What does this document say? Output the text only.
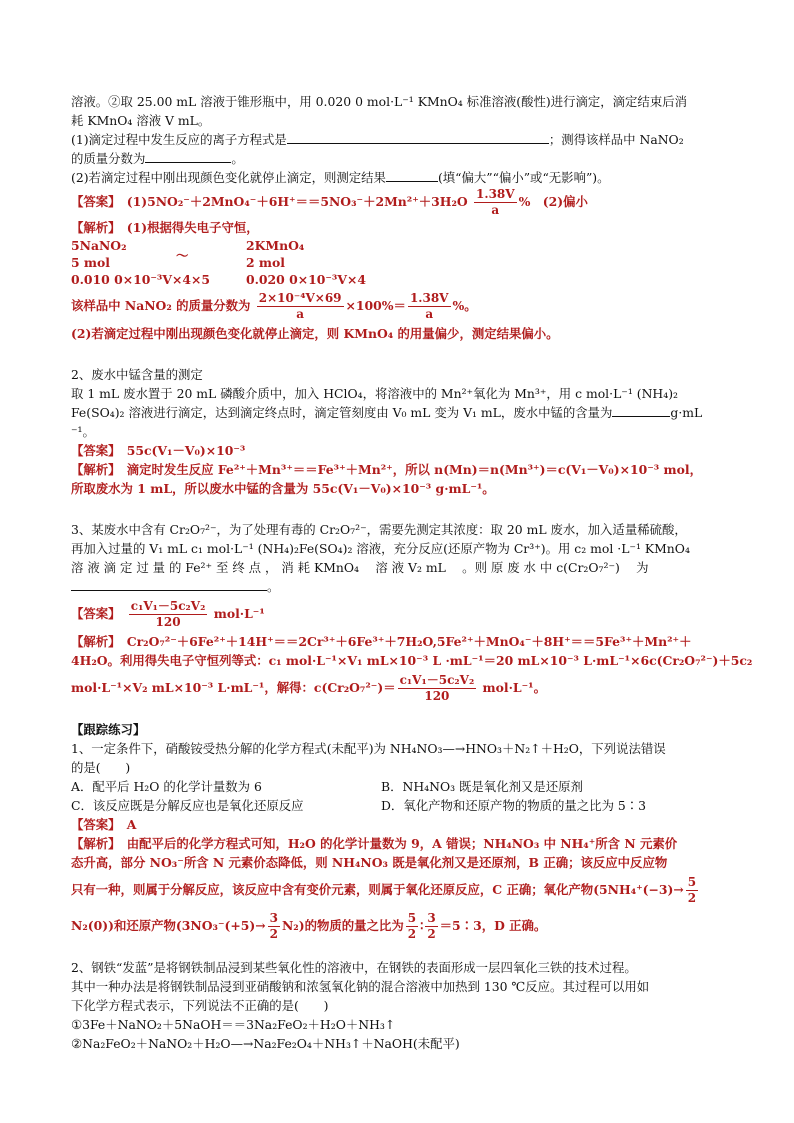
溶液。②取 25.00 mL 溶液于锥形瓶中，用 0.020 0 mol·L⁻¹ KMnO₄ 标准溶液(酸性)进行滴定，滴定结束后消
耗 KMnO₄ 溶液 V mL。
(1)滴定过程中发生反应的离子方程式是	；测得该样品中 NaNO₂
的质量分数为	。
(2)若滴定过程中刚出现颜色变化就停止滴定，则测定结果	(填“偏大”“偏小”或“无影响”)。
【答案】　 $(1)5NO_2^-+2MnO_4^-+6H^+==5NO_3^-+2Mn^{2+}+3H_2O \frac{1.38V}{a}$ %　(2)偏小
【解析】　 (1)根据得失电子守恒，
5NaNO₂	2KMnO₄
5 mol	2 mol
0.010 0×10⁻³V×4×5	0.020 0×10⁻³V×4
～
该样品中 NaNO₂ 的质量分数为 $\frac{\text{2×10⁻⁴V×69}}{a} \times 100\%= \frac{1.38V}{a}$ %。
(2)若滴定过程中刚出现颜色变化就停止滴定，则 KMnO₄ 的用量偏少，测定结果偏小。
2、废水中锰含量的测定
取 1 mL 废水置于 20 mL 磷酸介质中，加入 HClO₄，将溶液中的 Mn²⁺氧化为 Mn³⁺，用 c mol·L⁻¹ (NH₄)₂
Fe(SO₄)₂ 溶液进行滴定，达到滴定终点时，滴定管刻度由 V₀ mL 变为 V₁ mL，废水中锰的含量为	g·mL
⁻¹。
【答案】　 55c(V₁－V₀)×10⁻³
【解析】　 滴定时发生反应 Fe²⁺＋Mn³⁺＝＝Fe³⁺＋Mn²⁺，所以 n(Mn)＝n(Mn³⁺)＝c(V₁－V₀)×10⁻³ mol，
所取废水为 1 mL，所以废水中锰的含量为 55c(V₁－V₀)×10⁻³ g·mL⁻¹。
3、某废水中含有 Cr₂O₇²⁻，为了处理有毒的 Cr₂O₇²⁻，需要先测定其浓度：取 20 mL 废水，加入适量稀硫酸，
再加入过量的 V₁ mL c₁ mol·L⁻¹ (NH₄)₂Fe(SO₄)₂ 溶液，充分反应(还原产物为 Cr³⁺)。用 c₂ mol ·L⁻¹ KMnO₄
溶 液 滴 定 过 量 的 Fe²⁺ 至 终 点 ， 消 耗 KMnO₄ 　溶 液 V₂ mL 　。则 原 废 水 中 c(Cr₂O₇²⁻) 　为
。
【答案】　 $\frac{\text{c₁V₁－5c₂V₂}}{120} mol\cdot L^{-1}$
【解析】　 Cr₂O₇²⁻＋6Fe²⁺＋14H⁺＝＝2Cr³⁺＋6Fe³⁺＋7H₂O,5Fe²⁺＋MnO₄⁻＋8H⁺＝＝5Fe³⁺＋Mn²⁺＋
4H₂O。利用得失电子守恒列等式：c₁ mol·L⁻¹×V₁ mL×10⁻³ L ·mL⁻¹＝20 mL×10⁻³ L·mL⁻¹×6c(Cr₂O₇²⁻)＋5c₂
mol·L⁻¹×V₂ mL×10⁻³ L·mL⁻¹，解得：$c(Cr_2O_7^{2-})= \frac{\text{c₁V₁－5c₂V₂}}{120} mol\cdot L^{-1}$。
【跟踪练习】
1、一定条件下，硝酸铵受热分解的化学方程式(未配平)为 NH₄NO₃—→HNO₃＋N₂↑＋H₂O，下列说法错误
的是(　　)
A．配平后 H₂O 的化学计量数为 6	B．NH₄NO₃ 既是氧化剂又是还原剂
C．该反应既是分解反应也是氧化还原反应	D．氧化产物和还原产物的物质的量之比为 5∶3
【答案】　 A
【解析】　 由配平后的化学方程式可知，H₂O 的化学计量数为 9，A 错误；NH₄NO₃ 中 NH₄⁺所含 N 元素价
态升高，部分 NO₃⁻所含 N 元素价态降低，则 NH₄NO₃ 既是氧化剂又是还原剂，B 正确；该反应中反应物
只有一种，则属于分解反应，该反应中含有变价元素，则属于氧化还原反应，C 正确；氧化产物($5NH_4^+(-3)\to \frac{5}{2}$
N₂(0))和还原产物$(3NO_3^-(+5)\to \frac{3}{2} N_2)$的物质的量之比为 $\frac{5}{2}$ ∶ $\frac{3}{2}$ ＝5∶3，D 正确。
2、钢铁“发蓝”是将钢铁制品浸到某些氧化性的溶液中，在钢铁的表面形成一层四氧化三铁的技术过程。
其中一种办法是将钢铁制品浸到亚硝酸钠和浓氢氧化钠的混合溶液中加热到 130 ℃反应。其过程可以用如
下化学方程式表示，下列说法不正确的是(　　)
①3Fe＋NaNO₂＋5NaOH＝＝3Na₂FeO₂＋H₂O＋NH₃↑
②Na₂FeO₂＋NaNO₂＋H₂O—→Na₂Fe₂O₄＋NH₃↑＋NaOH(未配平)
